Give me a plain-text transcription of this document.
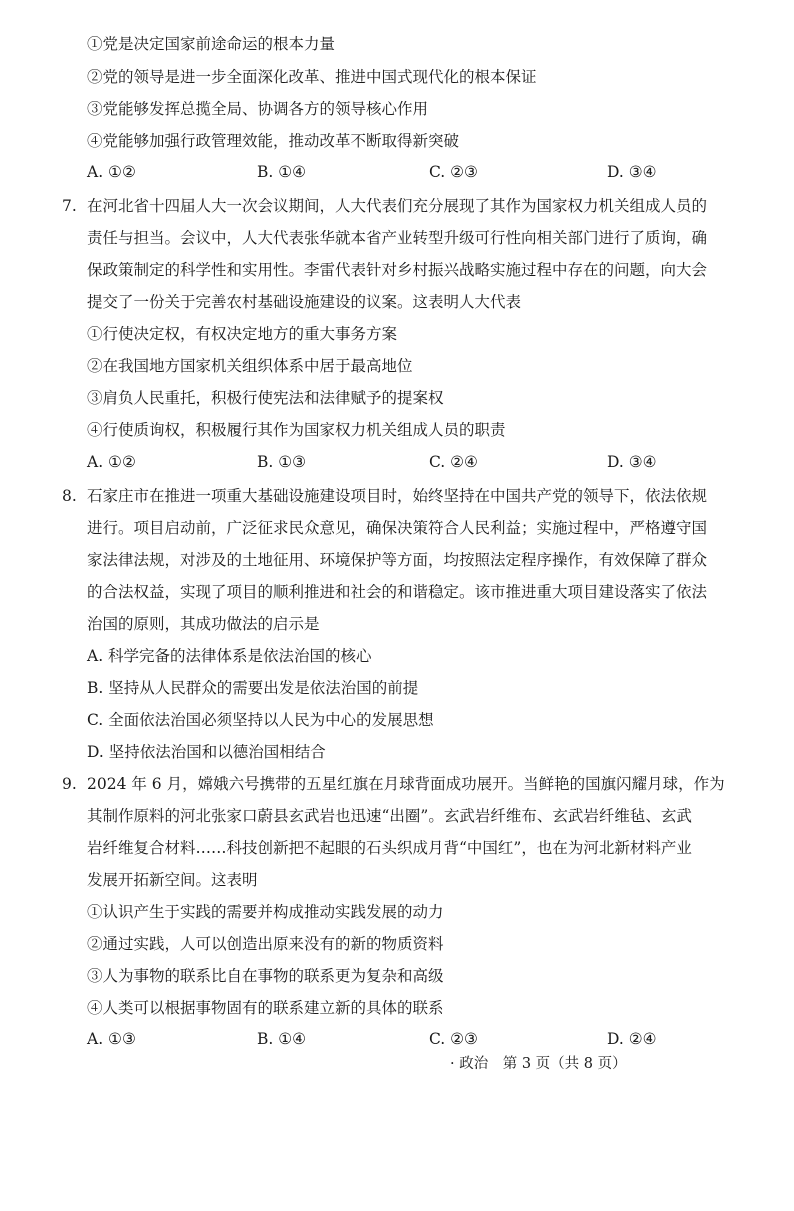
①党是决定国家前途命运的根本力量
②党的领导是进一步全面深化改革、推进中国式现代化的根本保证
③党能够发挥总揽全局、协调各方的领导核心作用
④党能够加强行政管理效能，推动改革不断取得新突破
A. ①②	B. ①④	C. ②③	D. ③④
7. 在河北省十四届人大一次会议期间，人大代表们充分展现了其作为国家权力机关组成人员的
责任与担当。会议中，人大代表张华就本省产业转型升级可行性向相关部门进行了质询，确
保政策制定的科学性和实用性。李雷代表针对乡村振兴战略实施过程中存在的问题，向大会
提交了一份关于完善农村基础设施建设的议案。这表明人大代表
①行使决定权，有权决定地方的重大事务方案
②在我国地方国家机关组织体系中居于最高地位
③肩负人民重托，积极行使宪法和法律赋予的提案权
④行使质询权，积极履行其作为国家权力机关组成人员的职责
A. ①②	B. ①③	C. ②④	D. ③④
8. 石家庄市在推进一项重大基础设施建设项目时，始终坚持在中国共产党的领导下，依法依规
进行。项目启动前，广泛征求民众意见，确保决策符合人民利益；实施过程中，严格遵守国
家法律法规，对涉及的土地征用、环境保护等方面，均按照法定程序操作，有效保障了群众
的合法权益，实现了项目的顺利推进和社会的和谐稳定。该市推进重大项目建设落实了依法
治国的原则，其成功做法的启示是
A. 科学完备的法律体系是依法治国的核心
B. 坚持从人民群众的需要出发是依法治国的前提
C. 全面依法治国必须坚持以人民为中心的发展思想
D. 坚持依法治国和以德治国相结合
9. 2024 年 6 月，嫦娥六号携带的五星红旗在月球背面成功展开。当鲜艳的国旗闪耀月球，作为
其制作原料的河北张家口蔚县玄武岩也迅速“出圈”。玄武岩纤维布、玄武岩纤维毡、玄武
岩纤维复合材料……科技创新把不起眼的石头织成月背“中国红”，也在为河北新材料产业
发展开拓新空间。这表明
①认识产生于实践的需要并构成推动实践发展的动力
②通过实践，人可以创造出原来没有的新的物质资料
③人为事物的联系比自在事物的联系更为复杂和高级
④人类可以根据事物固有的联系建立新的具体的联系
A. ①③	B. ①④	C. ②③	D. ②④
· 政治　第 3 页（共 8 页）
